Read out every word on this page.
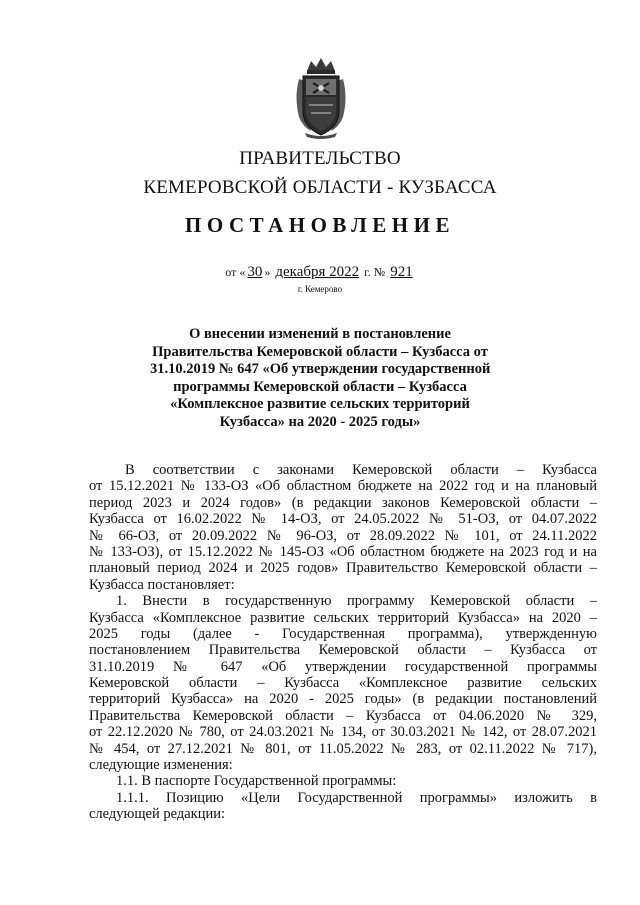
ПРАВИТЕЛЬСТВО
КЕМЕРОВСКОЙ ОБЛАСТИ - КУЗБАССА
ПОСТАНОВЛЕНИЕ
от « 30 » декабря 2022 г. № 921
г. Кемерово
О внесении изменений в постановление
Правительства Кемеровской области – Кузбасса от
31.10.2019 № 647 «Об утверждении государственной
программы Кемеровской области – Кузбасса
«Комплексное развитие сельских территорий
Кузбасса» на 2020 - 2025 годы»
В соответствии с законами Кемеровской области – Кузбасса
от 15.12.2021 № 133-ОЗ «Об областном бюджете на 2022 год и на плановый
период 2023 и 2024 годов» (в редакции законов Кемеровской области –
Кузбасса от 16.02.2022 № 14-ОЗ, от 24.05.2022 № 51-ОЗ, от 04.07.2022
№ 66-ОЗ, от 20.09.2022 № 96-ОЗ, от 28.09.2022 № 101, от 24.11.2022
№ 133-ОЗ), от 15.12.2022 № 145-ОЗ «Об областном бюджете на 2023 год и на
плановый период 2024 и 2025 годов» Правительство Кемеровской области –
Кузбасса постановляет:
1. Внести в государственную программу Кемеровской области –
Кузбасса «Комплексное развитие сельских территорий Кузбасса» на 2020 –
2025 годы (далее - Государственная программа), утвержденную
постановлением Правительства Кемеровской области – Кузбасса от
31.10.2019 № 647 «Об утверждении государственной программы
Кемеровской области – Кузбасса «Комплексное развитие сельских
территорий Кузбасса» на 2020 - 2025 годы» (в редакции постановлений
Правительства Кемеровской области – Кузбасса от 04.06.2020 № 329,
от 22.12.2020 № 780, от 24.03.2021 № 134, от 30.03.2021 № 142, от 28.07.2021
№ 454, от 27.12.2021 № 801, от 11.05.2022 № 283, от 02.11.2022 № 717),
следующие изменения:
1.1. В паспорте Государственной программы:
1.1.1. Позицию «Цели Государственной программы» изложить в
следующей редакции:
